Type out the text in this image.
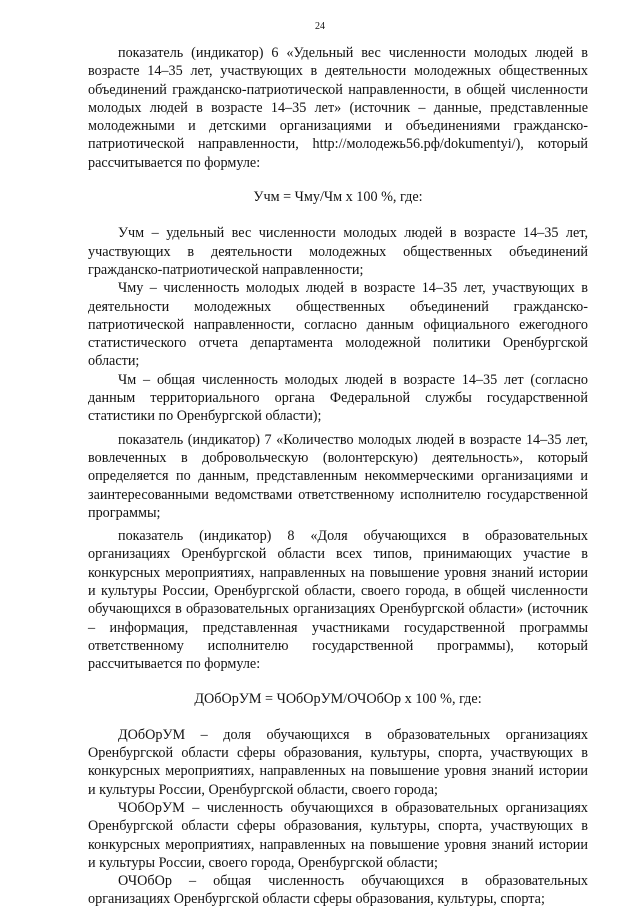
24

показатель (индикатор) 6 «Удельный вес численности молодых людей в возрасте 14–35 лет, участвующих в деятельности молодежных общественных объединений гражданско-патриотической направленности, в общей численности молодых людей в возрасте 14–35 лет» (источник – данные, представленные молодежными и детскими организациями и объединениями гражданско-патриотической направленности, http://молодежь56.рф/dokumentyi/), который рассчитывается по формуле:

Учм = Чму/Чм x 100 %, где:

Учм – удельный вес численности молодых людей в возрасте 14–35 лет, участвующих в деятельности молодежных общественных объединений гражданско-патриотической направленности;

Чму – численность молодых людей в возрасте 14–35 лет, участвующих в деятельности молодежных общественных объединений гражданско-патриотической направленности, согласно данным официального ежегодного статистического отчета департамента молодежной политики Оренбургской области;

Чм – общая численность молодых людей в возрасте 14–35 лет (согласно данным территориального органа Федеральной службы государственной статистики по Оренбургской области);

показатель (индикатор) 7 «Количество молодых людей в возрасте 14–35 лет, вовлеченных в добровольческую (волонтерскую) деятельность», который определяется по данным, представленным некоммерческими организациями и заинтересованными ведомствами ответственному исполнителю государственной программы;

показатель (индикатор) 8 «Доля обучающихся в образовательных организациях Оренбургской области всех типов, принимающих участие в конкурсных мероприятиях, направленных на повышение уровня знаний истории и культуры России, Оренбургской области, своего города, в общей численности обучающихся в образовательных организациях Оренбургской области» (источник – информация, представленная участниками государственной программы ответственному исполнителю государственной программы), который рассчитывается по формуле:

ДОбОрУМ = ЧОбОрУМ/ОЧОбОр x 100 %, где:

ДОбОрУМ – доля обучающихся в образовательных организациях Оренбургской области сферы образования, культуры, спорта, участвующих в конкурсных мероприятиях, направленных на повышение уровня знаний истории и культуры России, Оренбургской области, своего города;

ЧОбОрУМ – численность обучающихся в образовательных организациях Оренбургской области сферы образования, культуры, спорта, участвующих в конкурсных мероприятиях, направленных на повышение уровня знаний истории и культуры России, своего города, Оренбургской области;

ОЧОбОр – общая численность обучающихся в образовательных организациях Оренбургской области сферы образования, культуры, спорта;
